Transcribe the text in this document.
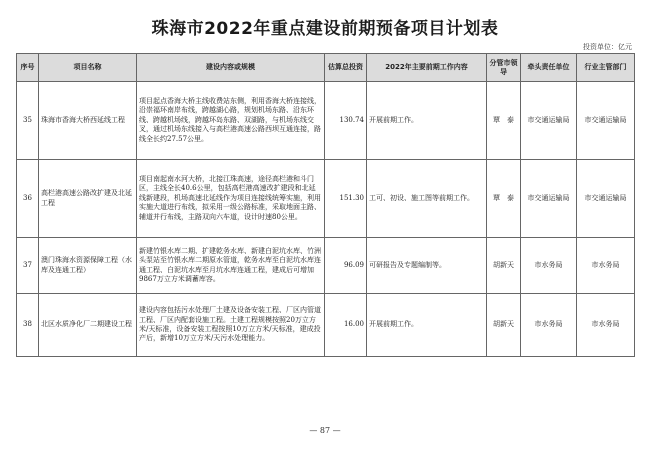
珠海市2022年重点建设前期预备项目计划表
投资单位：亿元
序号	项目名称	建设内容或规模	估算总投资	2022年主要前期工作内容	分管市领导	牵头责任单位	行业主管部门
35	珠海市香海大桥西延线工程	项目起点香海大桥主线收费站东侧，利用香海大桥连接线，沿崇福环南岸布线，跨越湖心路，规划机场东路、沿东环线、跨越机场线，跨越环岛东路、双湖路，与机场东线交叉，通过机场东线接入与高栏港高速公路西坝互通连接，路线全长约27.57公里。	130.74	开展前期工作。	覃　泰	市交通运输局	市交通运输局
36	高栏港高速公路改扩建及北延工程	项目南起南水河大桥，北接江珠高速，途径高栏港和斗门区，主线全长40.6公里，包括高栏港高速改扩建段和北延线新建段，机场高速北延线作为项目连接线统筹实施，利用实施大道进行布线，拟采用一级公路标准，采取地面主路、辅道并行布线，主路双向六车道，设计时速80公里。	151.30	工可、初设、施工图等前期工作。	覃　泰	市交通运输局	市交通运输局
37	澳门珠海水资源保障工程（水库及连通工程）	新建竹银水库二期、扩建乾务水库、新建白泥坑水库、竹洲头泵站至竹银水库二期原水管道，乾务水库至白泥坑水库连通工程、白泥坑水库至月坑水库连通工程，建成后可增加9867万立方米调蓄库容。	96.09	可研报告及专题编制等。	胡新天	市水务局	市水务局
38	北区水质净化厂二期建设工程	建设内容包括污水处理厂土建及设备安装工程、厂区内管道工程、厂区内配套设施工程。土建工程规模按照20万立方米/天标准，设备安装工程按照10万立方米/天标准，建成投产后，新增10万立方米/天污水处理能力。	16.00	开展前期工作。	胡新天	市水务局	市水务局
— 87 —
